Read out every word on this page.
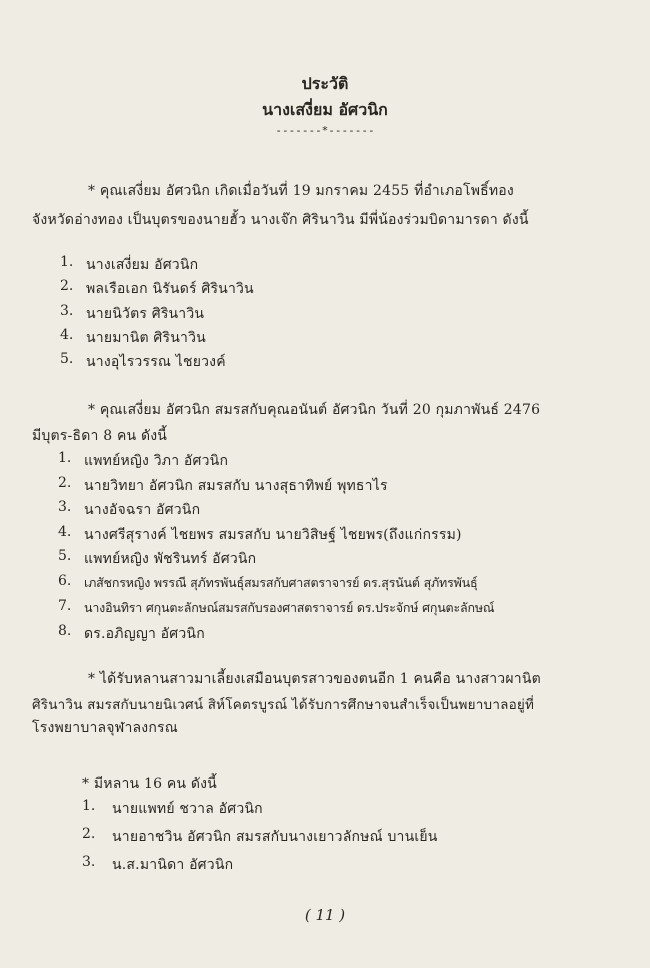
ประวัติ
นางเสงี่ยม อัศวนิก
-------*-------
* คุณเสงี่ยม อัศวนิก เกิดเมื่อวันที่ 19 มกราคม 2455 ที่อำเภอโพธิ์ทอง
จังหวัดอ่างทอง เป็นบุตรของนายฮั้ว นางเจ๊ก ศิรินาวิน มีพี่น้องร่วมบิดามารดา ดังนี้
1. นางเสงี่ยม อัศวนิก
2. พลเรือเอก นิรันดร์ ศิรินาวิน
3. นายนิวัตร ศิรินาวิน
4. นายมานิต ศิรินาวิน
5. นางอุไรวรรณ ไชยวงค์
* คุณเสงี่ยม อัศวนิก สมรสกับคุณอนันต์ อัศวนิก วันที่ 20 กุมภาพันธ์ 2476
มีบุตร-ธิดา 8 คน ดังนี้
1. แพทย์หญิง วิภา อัศวนิก
2. นายวิทยา อัศวนิก สมรสกับ นางสุธาทิพย์ พุทธาไร
3. นางอัจฉรา อัศวนิก
4. นางศรีสุรางค์ ไชยพร สมรสกับ นายวิสิษฐ์ ไชยพร(ถึงแก่กรรม)
5. แพทย์หญิง พัชรินทร์ อัศวนิก
6. เภสัชกรหญิง พรรณี สุภัทรพันธุ์สมรสกับศาสตราจารย์ ดร.สุรนันต์ สุภัทรพันธุ์
7. นางอินทิรา ศกุนตะลักษณ์สมรสกับรองศาสตราจารย์ ดร.ประจักษ์ ศกุนตะลักษณ์
8. ดร.อภิญญา อัศวนิก
* ได้รับหลานสาวมาเลี้ยงเสมือนบุตรสาวของตนอีก 1 คนคือ นางสาวผานิต
ศิรินาวิน สมรสกับนายนิเวศน์ สิห์โคตรบูรณ์ ได้รับการศึกษาจนสำเร็จเป็นพยาบาลอยู่ที่
โรงพยาบาลจุฬาลงกรณ
* มีหลาน 16 คน ดังนี้
1. นายแพทย์ ชวาล อัศวนิก
2. นายอาชวิน อัศวนิก สมรสกับนางเยาวลักษณ์ บานเย็น
3. น.ส.มานิดา อัศวนิก
( 11 )
